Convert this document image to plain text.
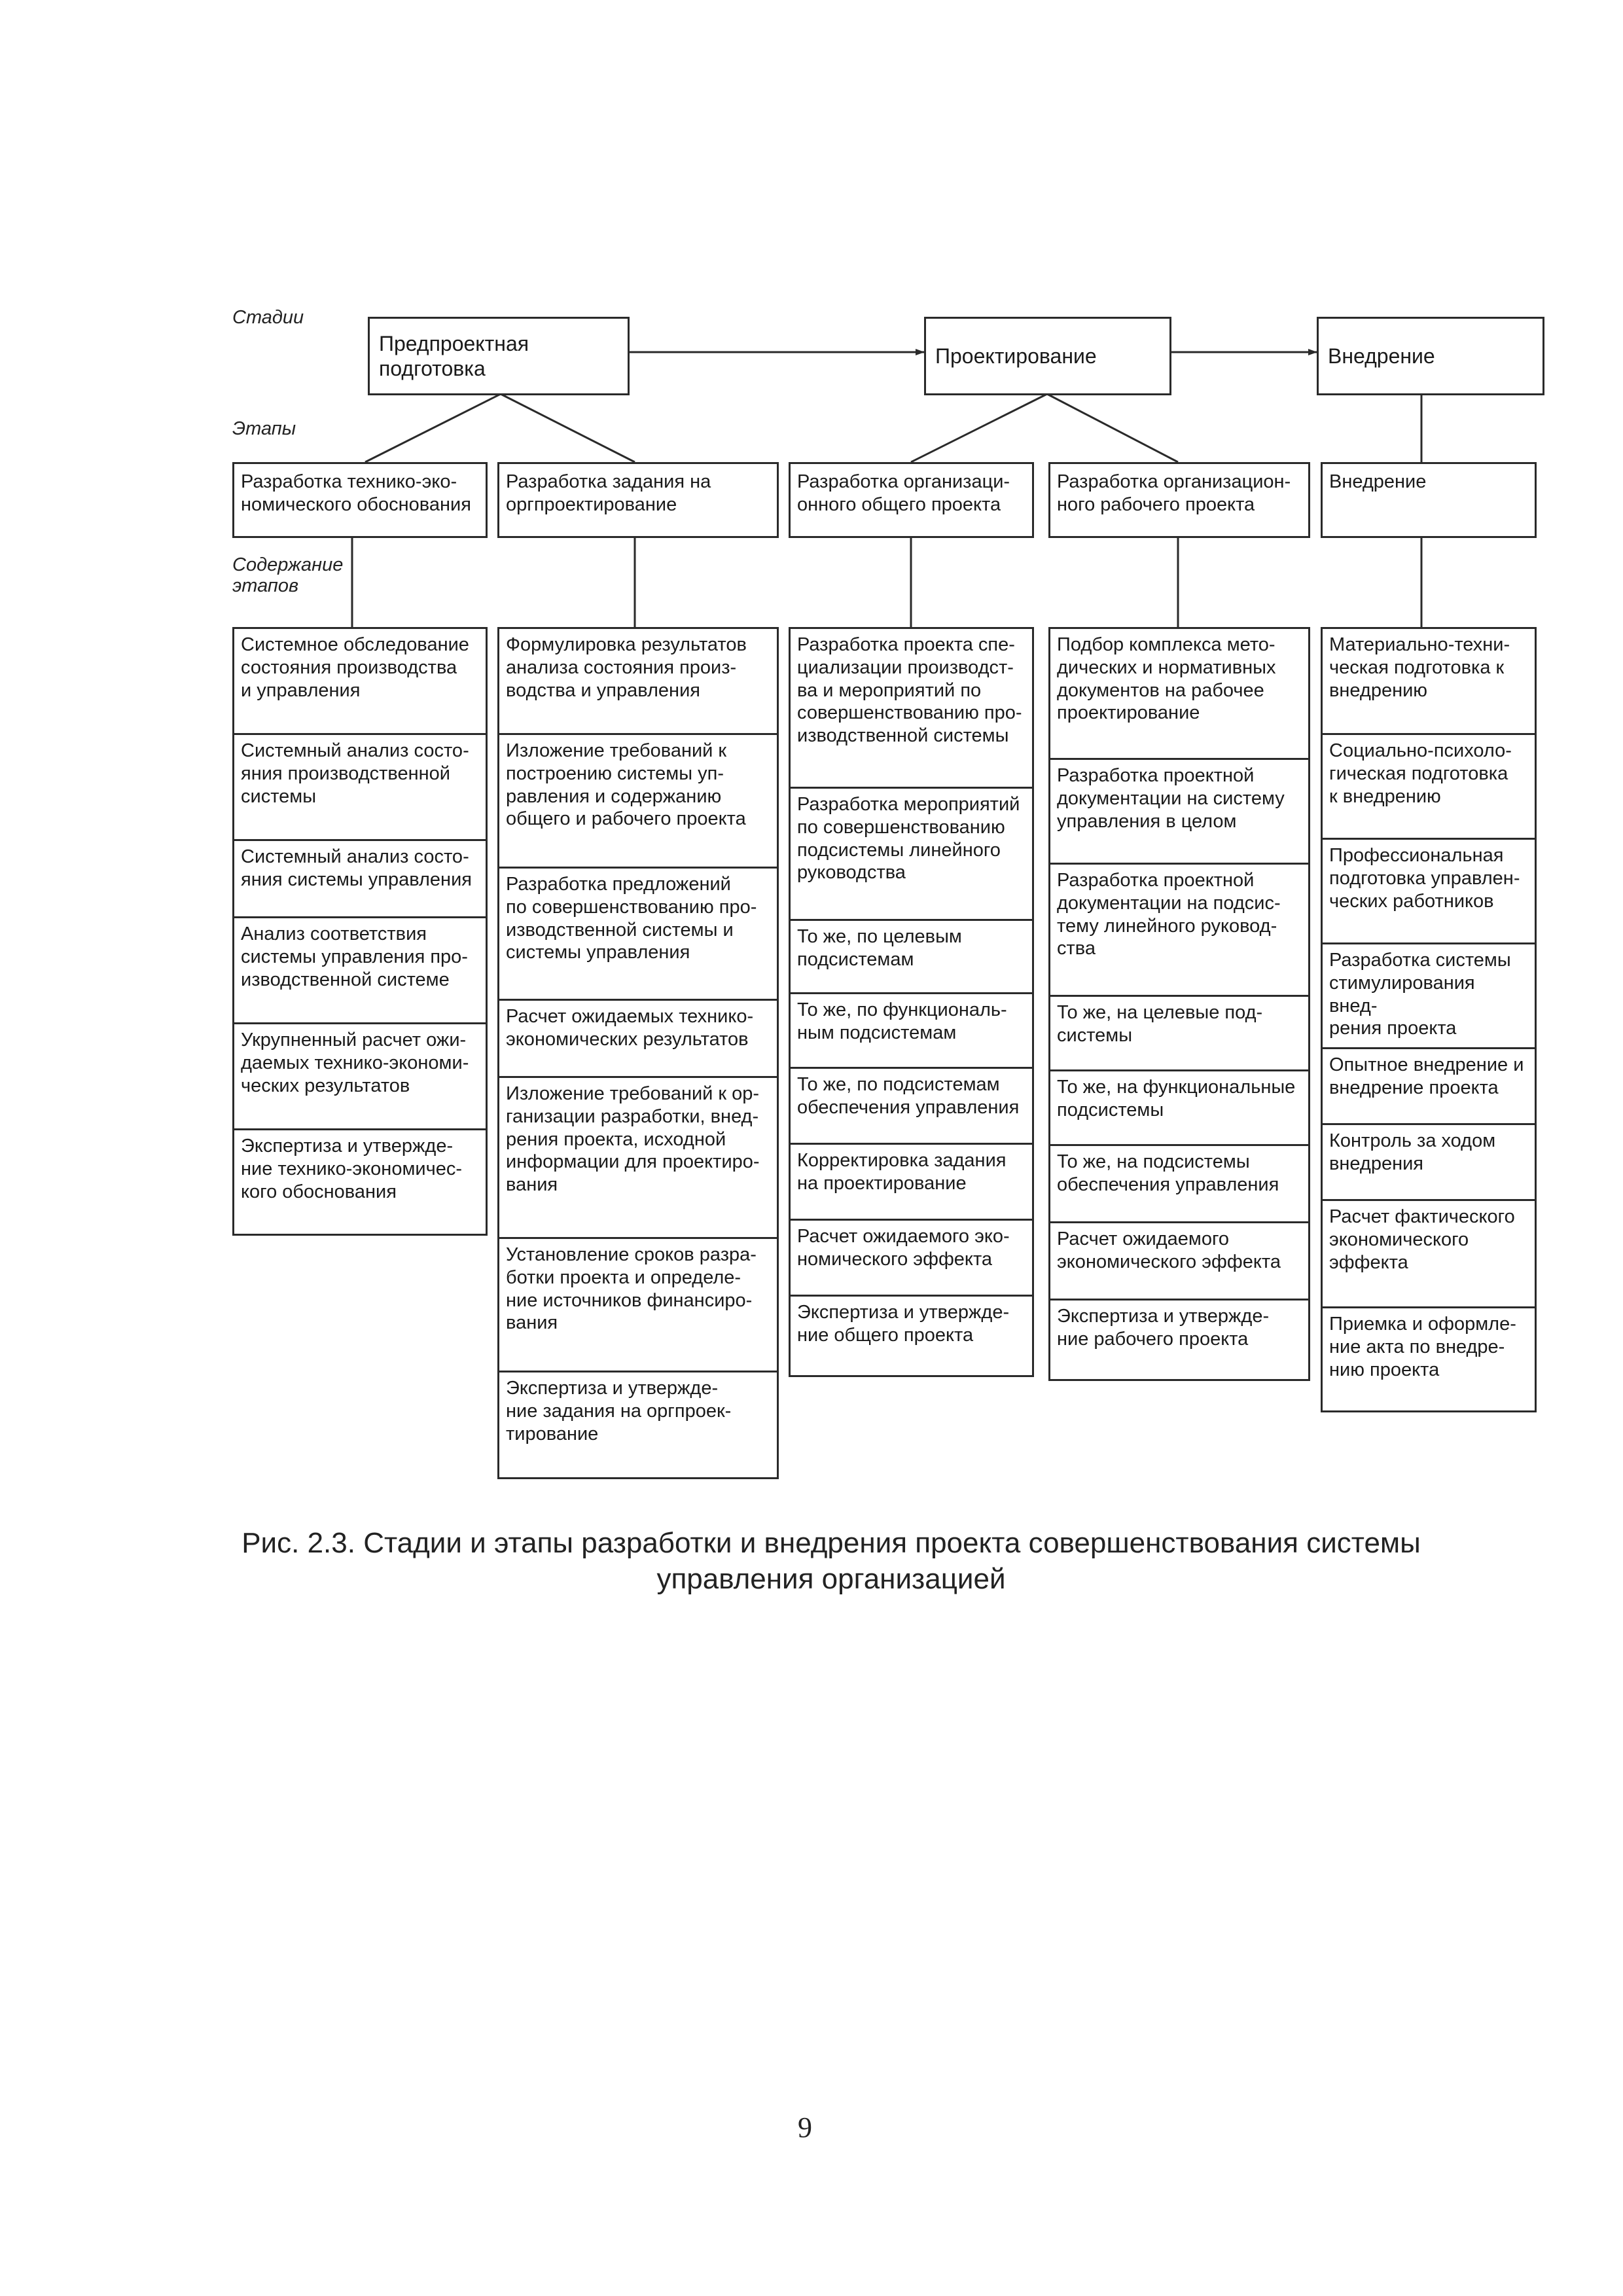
Стадии
Этапы
Содержание
этапов
Предпроектная подготовка
Проектирование	Внедрение
Разработка технико-эко-
номического обоснования
Разработка задания на
оргпроектирование
Разработка организаци-
онного общего проекта
Разработка организацион-
ного рабочего проекта
Внедрение
Системное обследование
состояния производства
и управления
Системный анализ состо-
яния производственной
системы
Системный анализ состо-
яния системы управления
Анализ соответствия
системы управления про-
изводственной системе
Укрупненный расчет ожи-
даемых технико-экономи-
ческих результатов
Экспертиза и утвержде-
ние технико-экономичес-
кого обоснования
Формулировка результатов
анализа состояния произ-
водства и управления
Изложение требований к
построению системы уп-
равления и содержанию
общего и рабочего проекта
Разработка предложений
по совершенствованию про-
изводственной системы и
системы управления
Расчет ожидаемых технико-
экономических результатов
Изложение требований к ор-
ганизации разработки, внед-
рения проекта, исходной
информации для проектиро-
вания
Установление сроков разра-
ботки проекта и определе-
ние источников финансиро-
вания
Экспертиза и утвержде-
ние задания на оргпроек-
тирование
Разработка проекта спе-
циализации производст-
ва и мероприятий по
совершенствованию про-
изводственной системы
Разработка мероприятий
по совершенствованию
подсистемы линейного
руководства
То же, по целевым
подсистемам
То же, по функциональ-
ным подсистемам
То же, по подсистемам
обеспечения управления
Корректировка задания
на проектирование
Расчет ожидаемого эко-
номического эффекта
Экспертиза и утвержде-
ние общего проекта
Подбор комплекса мето-
дических и нормативных
документов на рабочее
проектирование
Разработка проектной
документации на систему
управления в целом
Разработка проектной
документации на подсис-
тему линейного руковод-
ства
То же, на целевые под-
системы
То же, на функциональные
подсистемы
То же, на подсистемы
обеспечения управления
Расчет ожидаемого
экономического эффекта
Экспертиза и утвержде-
ние рабочего проекта
Материально-техни-
ческая подготовка к
внедрению
Социально-психоло-
гическая подготовка
к внедрению
Профессиональная
подготовка управлен-
ческих работников
Разработка системы
стимулирования внед-
рения проекта
Опытное внедрение и
внедрение проекта
Контроль за ходом
внедрения
Расчет фактического
экономического
эффекта
Приемка и оформле-
ние акта по внедре-
нию проекта
Рис. 2.3. Стадии и этапы разработки и внедрения проекта совершенствования системы управления организацией
9
